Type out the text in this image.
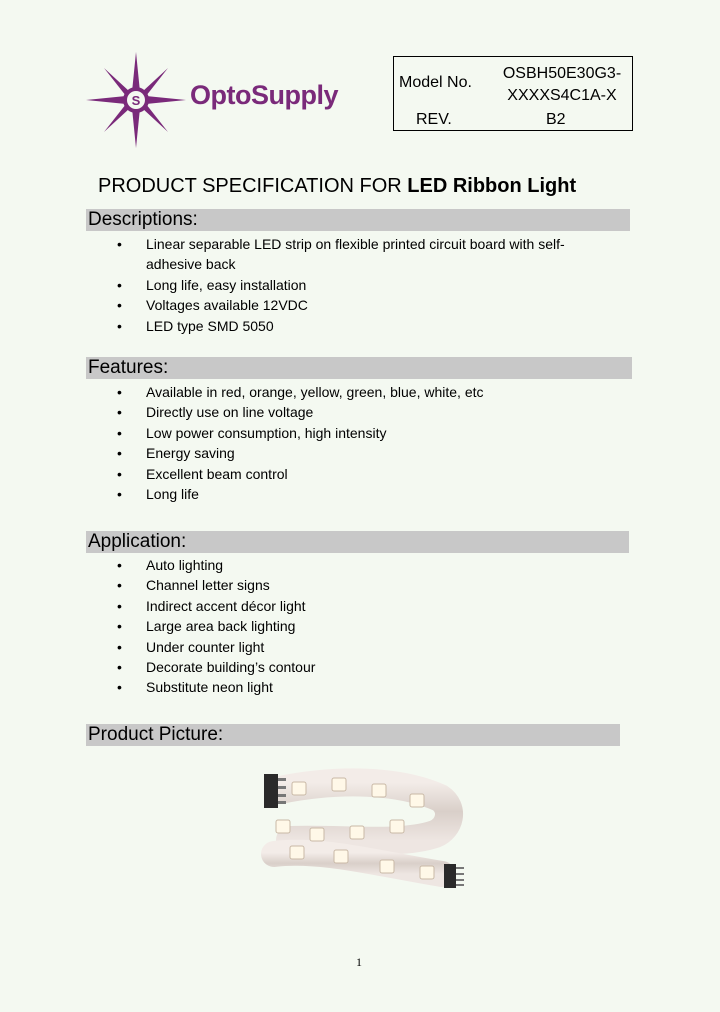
S OptoSupply	Model No.
OSBH50E30G3-
XXXXS4C1A-X
REV.	B2
PRODUCT SPECIFICATION FOR LED Ribbon Light
Descriptions:
• Linear separable LED strip on flexible printed circuit board with self-adhesive back
• Long life, easy installation
• Voltages available 12VDC
• LED type SMD 5050
Features:
• Available in red, orange, yellow, green, blue, white, etc
• Directly use on line voltage
• Low power consumption, high intensity
• Energy saving
• Excellent beam control
• Long life
Application:
• Auto lighting
• Channel letter signs
• Indirect accent décor light
• Large area back lighting
• Under counter light
• Decorate building’s contour
• Substitute neon light
Product Picture:
1
